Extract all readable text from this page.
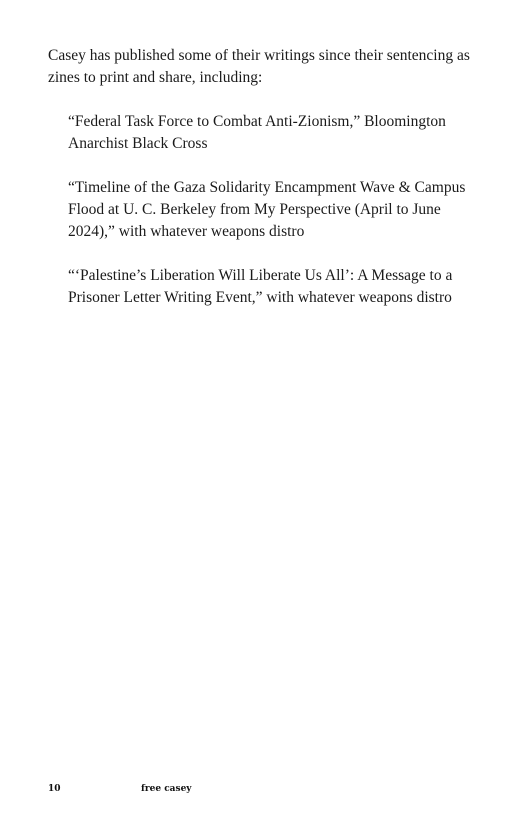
Casey has published some of their writings since their sentencing as zines to print and share, including:

“Federal Task Force to Combat Anti-Zionism,” Bloomington Anarchist Black Cross
“Timeline of the Gaza Solidarity Encampment Wave & Campus Flood at U. C. Berkeley from My Perspective (April to June 2024),” with whatever weapons distro
“‘Palestine’s Liberation Will Liberate Us All’: A Message to a Prisoner Letter Writing Event,” with whatever weapons distro
10	free casey
